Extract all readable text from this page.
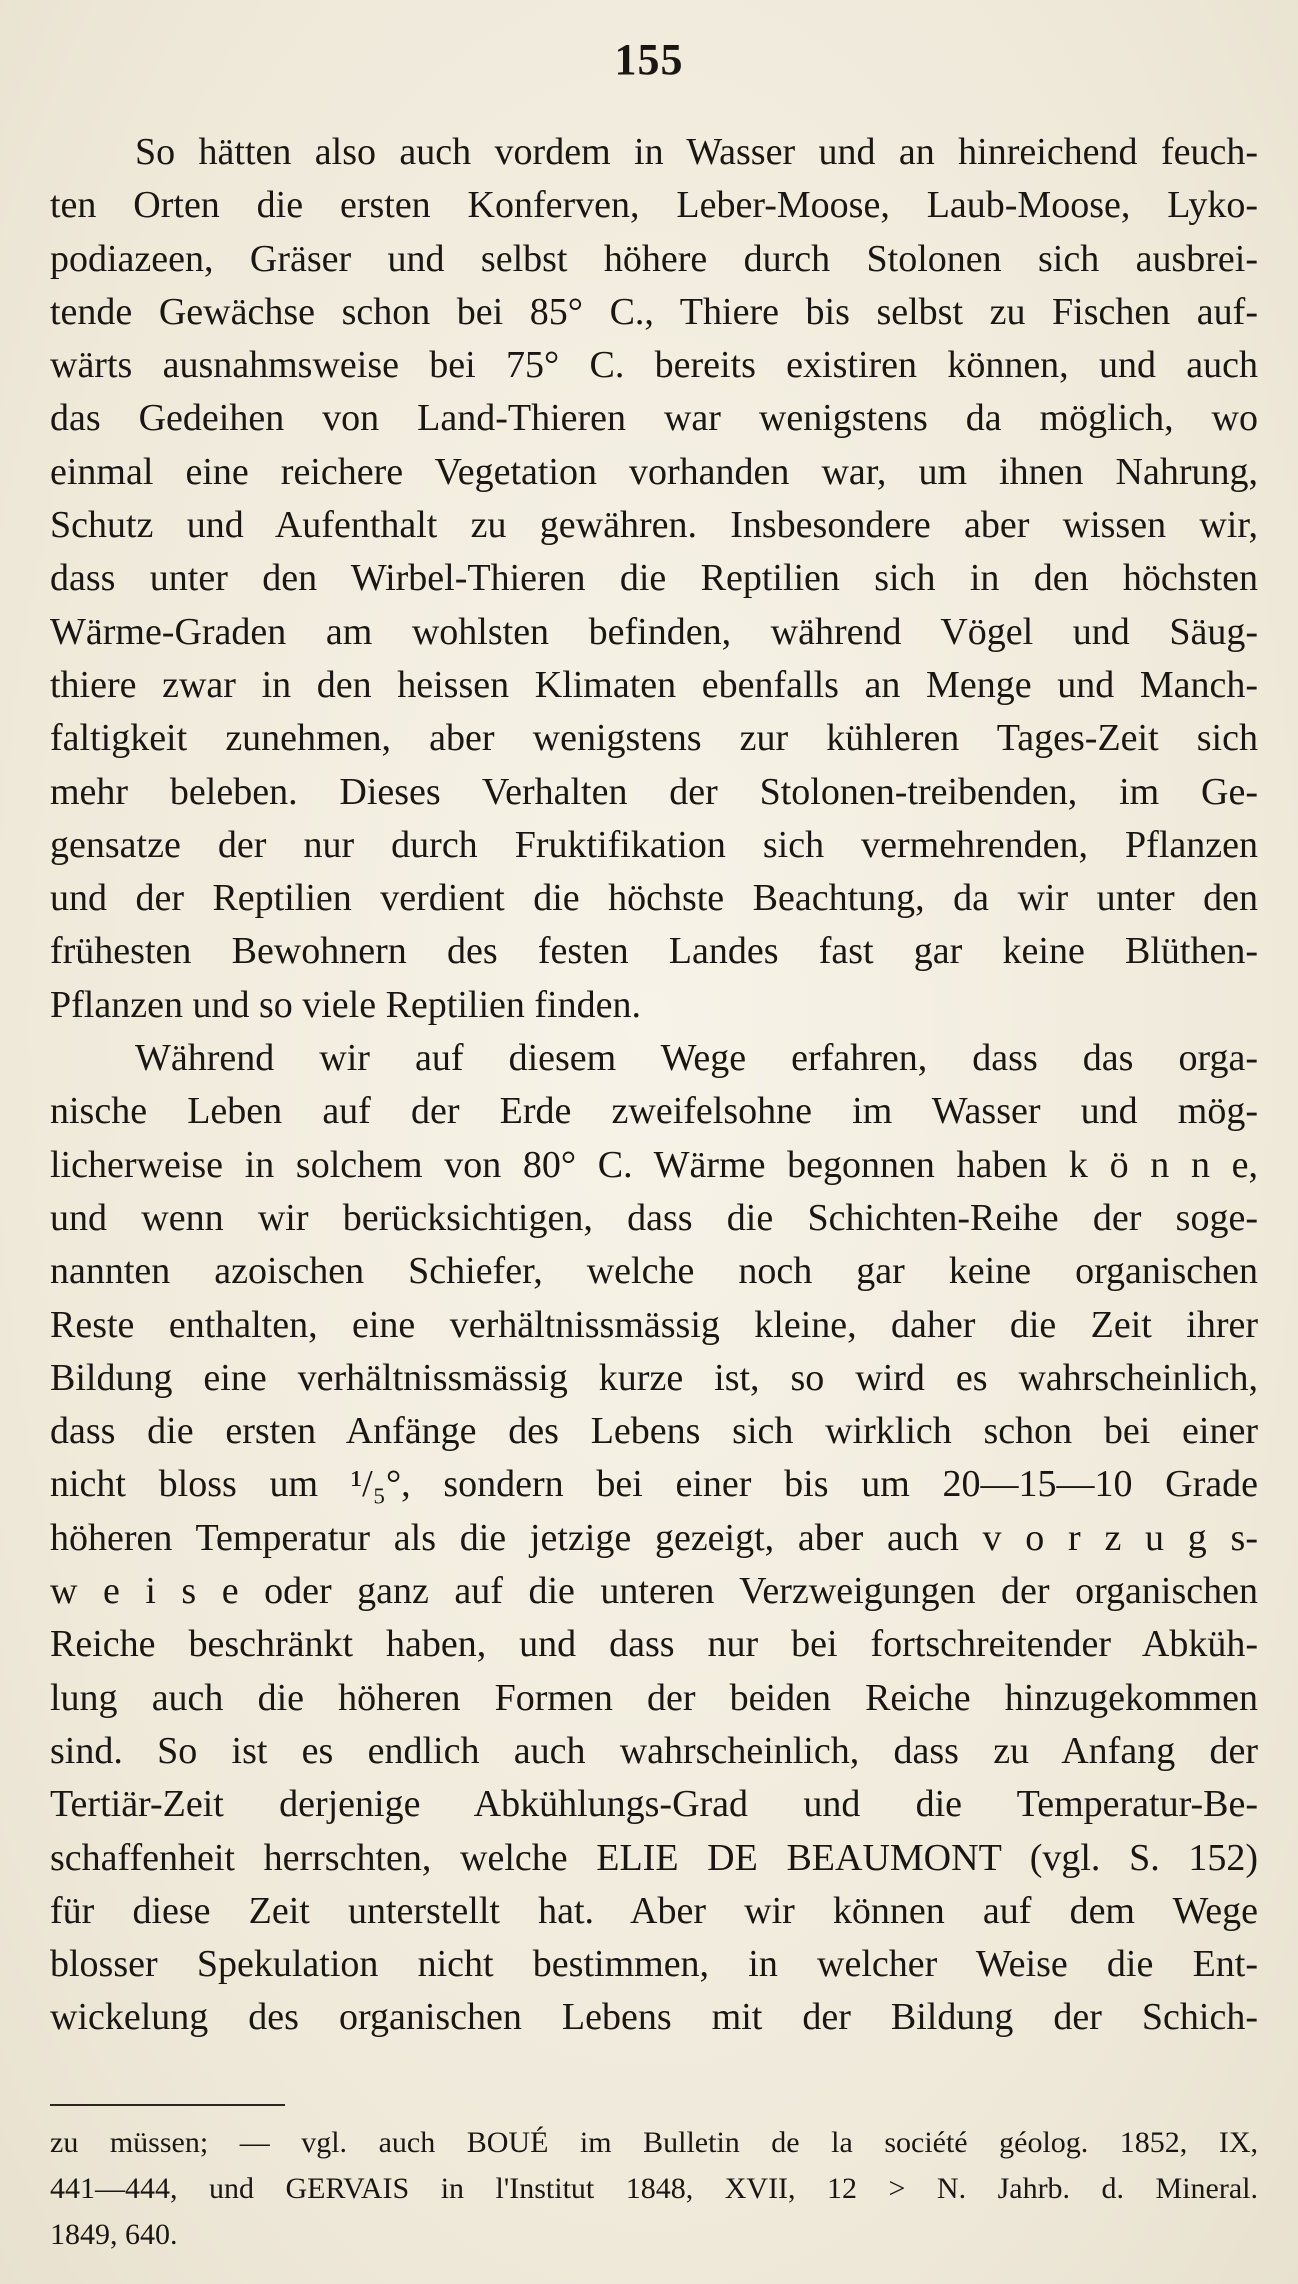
155
So hätten also auch vordem in Wasser und an hinreichend feuch-
ten Orten die ersten Konferven, Leber-Moose, Laub-Moose, Lyko-
podiazeen, Gräser und selbst höhere durch Stolonen sich ausbrei-
tende Gewächse schon bei 85° C., Thiere bis selbst zu Fischen auf-
wärts ausnahmsweise bei 75° C. bereits existiren können, und auch
das Gedeihen von Land-Thieren war wenigstens da möglich, wo
einmal eine reichere Vegetation vorhanden war, um ihnen Nahrung,
Schutz und Aufenthalt zu gewähren. Insbesondere aber wissen wir,
dass unter den Wirbel-Thieren die Reptilien sich in den höchsten
Wärme-Graden am wohlsten befinden, während Vögel und Säug-
thiere zwar in den heissen Klimaten ebenfalls an Menge und Manch-
faltigkeit zunehmen, aber wenigstens zur kühleren Tages-Zeit sich
mehr beleben. Dieses Verhalten der Stolonen-treibenden, im Ge-
gensatze der nur durch Fruktifikation sich vermehrenden, Pflanzen
und der Reptilien verdient die höchste Beachtung, da wir unter den
frühesten Bewohnern des festen Landes fast gar keine Blüthen-
Pflanzen und so viele Reptilien finden.
Während wir auf diesem Wege erfahren, dass das orga-
nische Leben auf der Erde zweifelsohne im Wasser und mög-
licherweise in solchem von 80° C. Wärme begonnen haben k ö n n e,
und wenn wir berücksichtigen, dass die Schichten-Reihe der soge-
nannten azoischen Schiefer, welche noch gar keine organischen
Reste enthalten, eine verhältnissmässig kleine, daher die Zeit ihrer
Bildung eine verhältnissmässig kurze ist, so wird es wahrscheinlich,
dass die ersten Anfänge des Lebens sich wirklich schon bei einer
nicht bloss um ¹/₅°, sondern bei einer bis um 20—15—10 Grade
höheren Temperatur als die jetzige gezeigt, aber auch v o r z u g s-
w e i s e oder ganz auf die unteren Verzweigungen der organischen
Reiche beschränkt haben, und dass nur bei fortschreitender Abküh-
lung auch die höheren Formen der beiden Reiche hinzugekommen
sind. So ist es endlich auch wahrscheinlich, dass zu Anfang der
Tertiär-Zeit derjenige Abkühlungs-Grad und die Temperatur-Be-
schaffenheit herrschten, welche ELIE DE BEAUMONT (vgl. S. 152)
für diese Zeit unterstellt hat. Aber wir können auf dem Wege
blosser Spekulation nicht bestimmen, in welcher Weise die Ent-
wickelung des organischen Lebens mit der Bildung der Schich-
zu müssen; — vgl. auch BOUÉ im Bulletin de la société géolog. 1852, IX,
441—444, und GERVAIS in l'Institut 1848, XVII, 12 > N. Jahrb. d. Mineral.
1849, 640.
